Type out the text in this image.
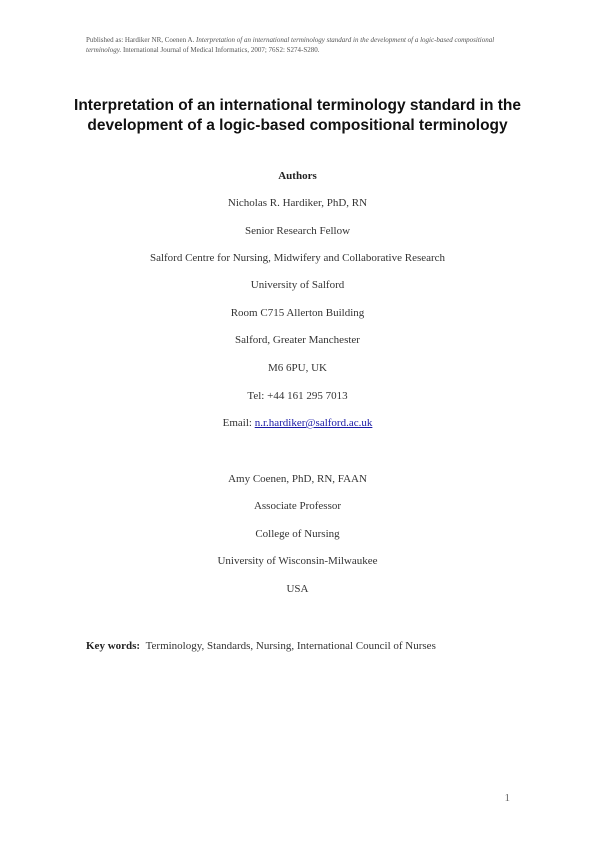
Published as: Hardiker NR, Coenen A. Interpretation of an international terminology standard in the development of a logic-based compositional terminology. International Journal of Medical Informatics, 2007; 76S2: S274-S280.
Interpretation of an international terminology standard in the development of a logic-based compositional terminology
Authors
Nicholas R. Hardiker, PhD, RN
Senior Research Fellow
Salford Centre for Nursing, Midwifery and Collaborative Research
University of Salford
Room C715 Allerton Building
Salford, Greater Manchester
M6 6PU, UK
Tel: +44 161 295 7013
Email: n.r.hardiker@salford.ac.uk
Amy Coenen, PhD, RN, FAAN
Associate Professor
College of Nursing
University of Wisconsin-Milwaukee
USA
Key words: Terminology, Standards, Nursing, International Council of Nurses
1
